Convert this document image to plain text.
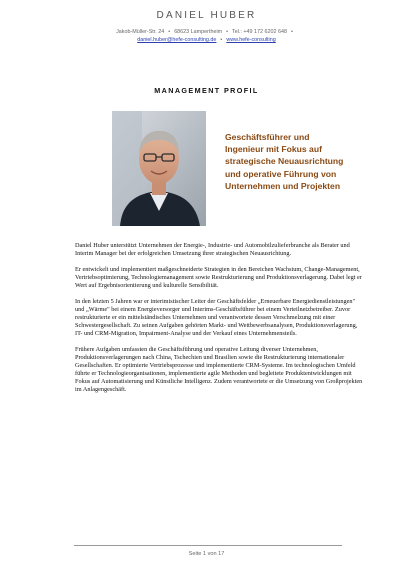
DANIEL HUBER
Jakob-Müller-Str. 24 • 68623 Lampertheim • Tel.: +49 172 6202 648 •
daniel.huber@hefe-consulting.de • www.hefe-consulting
MANAGEMENT PROFIL
Geschäftsführer und
Ingenieur mit Fokus auf
strategische Neuausrichtung
und operative Führung von
Unternehmen und Projekten

Daniel Huber unterstützt Unternehmen der Energie-, Industrie- und Automobilzulieferbranche als Berater und Interim Manager bei der erfolgreichen Umsetzung ihrer strategischen Neuausrichtung.

Er entwickelt und implementiert maßgeschneiderte Strategien in den Bereichen Wachstum, Change-Management, Vertriebsoptimierung, Technologiemanagement sowie Restrukturierung und Produktionsverlagerung. Dabei legt er Wert auf Ergebnisorientierung und kulturelle Sensibilität.

In den letzten 5 Jahren war er interimistischer Leiter der Geschäftsfelder „Erneuerbare Energiedienstleistungen" und „Wärme" bei einem Energieversorger und Interims-Geschäftsführer bei einem Verteilnetzbetreiber. Zuvor restrukturierte er ein mittelständisches Unternehmen und verantwortete dessen Verschmelzung mit einer Schwestergesellschaft. Zu seinen Aufgaben gehörten Markt- und Wettbewerbsanalysen, Produktionsverlagerung, IT- und CRM-Migration, Impairment-Analyse und der Verkauf eines Unternehmensteils.

Frühere Aufgaben umfassten die Geschäftsführung und operative Leitung diverser Unternehmen, Produktionsverlagerungen nach China, Tschechien und Brasilien sowie die Restrukturierung internationaler Gesellschaften. Er optimierte Vertriebsprozesse und implementierte CRM-Systeme. Im technologischen Umfeld führte er Technologieorganisationen, implementierte agile Methoden und begleitete Produktentwicklungen mit Fokus auf Automatisierung und Künstliche Intelligenz. Zudem verantwortete er die Umsetzung von Großprojekten im Anlagengeschäft.

Seite 1 von 17
